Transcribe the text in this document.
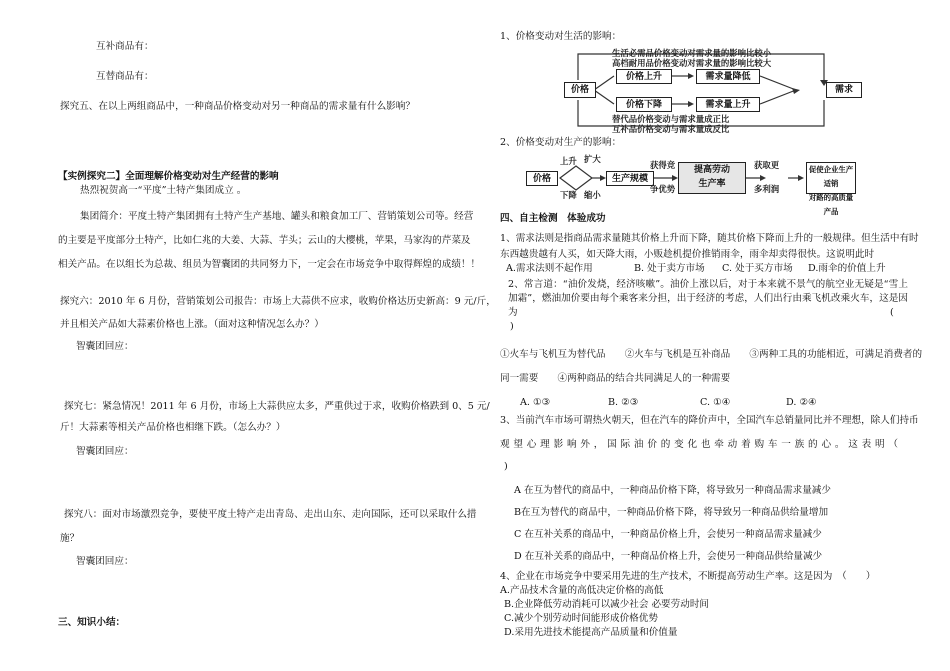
互补商品有：
互替商品有：
探究五、在以上两组商品中，一种商品价格变动对另一种商品的需求量有什么影响？
【实例探究二】全面理解价格变动对生产经营的影响
热烈祝贺高一“平度”土特产集团成立 。
集团简介：平度土特产集团拥有土特产生产基地、罐头和粮食加工厂、营销策划公司等。经营
的主要是平度部分土特产，比如仁兆的大姜、大蒜、芋头；云山的大樱桃，苹果，马家沟的芹菜及
相关产品。在以组长为总裁、组员为智囊团的共同努力下，一定会在市场竞争中取得辉煌的成绩！！
探究六：2010 年 6 月份，营销策划公司报告：市场上大蒜供不应求，收购价格达历史新高：9 元/斤，
并且相关产品如大蒜素价格也上涨。（面对这种情况怎么办？）
智囊团回应：
探究七：紧急情况！2011 年 6 月份，市场上大蒜供应太多，严重供过于求，收购价格跌到 0、5 元/
斤！大蒜素等相关产品价格也相继下跌。（怎么办？）
智囊团回应：
探究八：面对市场激烈竞争，要使平度土特产走出青岛、走出山东、走向国际，还可以采取什么措
施？
智囊团回应：
三、知识小结：
1、价格变动对生活的影响：
价格	需求
生活必需品价格变动对需求量的影响比较小
高档耐用品价格变动对需求量的影响比较大
价格上升	需求量降低
价格下降	需求量上升
替代品价格变动与需求量成正比
互补品价格变动与需求量成反比
2、价格变动对生产的影响：
价格
上升 扩大
下降 缩小
生产规模
获得竞
争优势
提高劳动
生产率
获取更
多利润
促使企业生产适销
对路的高质量产品
四、自主检测　体验成功
1、需求法则是指商品需求量随其价格上升而下降，随其价格下降而上升的一般规律。但生活中有时
东西越贵越有人买，如天降大雨，小贩趁机提价推销雨伞，雨伞却卖得很快。这说明此时
A.需求法则不起作用	B. 处于卖方市场 C. 处于买方市场 D.雨伞的价值上升
2、常言道：“油价发烧，经济咳嗽”。油价上涨以后，对于本来就不景气的航空业无疑是“雪上
加霜”，燃油加价要由每个乘客来分担，出于经济的考虑，人们出行由乘飞机改乘火车，这是因
为	(
)
①火车与飞机互为替代品　　②火车与飞机是互补商品　　③两种工具的功能相近，可满足消费者的
同一需要　　④两种商品的结合共同满足人的一种需要
A. ①③	B. ②③	C. ①④	D. ②④
3、当前汽车市场可谓热火朝天，但在汽车的降价声中，全国汽车总销量同比并不理想，除人们持币
观 望 心 理 影 响 外 ， 国 际 油 价 的 变 化 也 牵 动 着 购 车 一 族 的 心 。 这 表 明 （
)
A 在互为替代的商品中，一种商品价格下降，将导致另一种商品需求量减少
B在互为替代的商品中，一种商品价格下降，将导致另一种商品供给量增加
C 在互补关系的商品中，一种商品价格上升，会使另一种商品需求量减少
D 在互补关系的商品中，一种商品价格上升，会使另一种商品供给量减少
4、企业在市场竞争中要采用先进的生产技术，不断提高劳动生产率。这是因为　（　　）
A.产品技术含量的高低决定价格的高低
B.企业降低劳动消耗可以减少社会 必要劳动时间
C.减少个别劳动时间能形成价格优势
D.采用先进技术能提高产品质量和价值量
